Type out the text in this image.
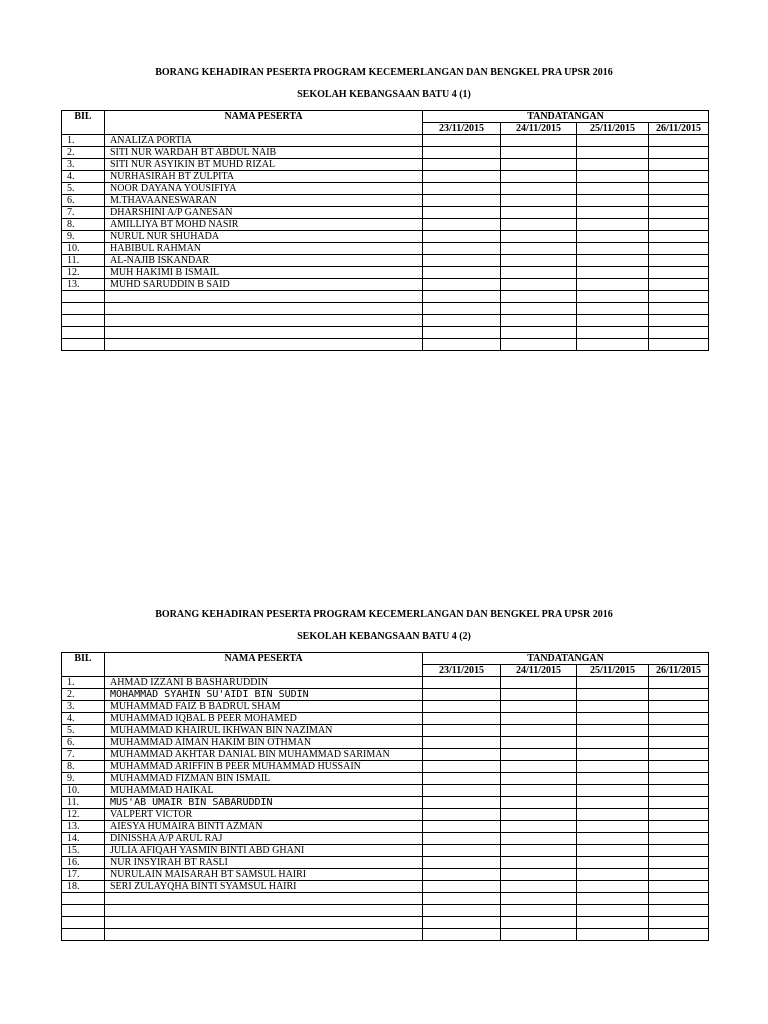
BORANG KEHADIRAN PESERTA PROGRAM KECEMERLANGAN DAN BENGKEL PRA UPSR 2016
SEKOLAH KEBANGSAAN BATU 4 (1)
BIL	NAMA PESERTA	TANDATANGAN			
		23/11/2015	24/11/2015	25/11/2015	26/11/2015
1.	ANALIZA PORTIA				
2.	SITI NUR WARDAH BT ABDUL NAIB				
3.	SITI NUR ASYIKIN BT MUHD RIZAL				
4.	NURHASIRAH BT ZULPITA				
5.	NOOR DAYANA YOUSIFIYA				
6.	M.THAVAANESWARAN				
7.	DHARSHINI A/P GANESAN				
8.	AMILLIYA BT MOHD NASIR				
9.	NURUL NUR SHUHADA				
10.	HABIBUL RAHMAN				
11.	AL-NAJIB ISKANDAR				
12.	MUH HAKIMI B ISMAIL				
13.	MUHD SARUDDIN B SAID				

BORANG KEHADIRAN PESERTA PROGRAM KECEMERLANGAN DAN BENGKEL PRA UPSR 2016
SEKOLAH KEBANGSAAN BATU 4 (2)
BIL	NAMA PESERTA	TANDATANGAN			
		23/11/2015	24/11/2015	25/11/2015	26/11/2015
1.	AHMAD IZZANI B BASHARUDDIN				
2.	MOHAMMAD SYAHIN SU'AIDI BIN SUDIN				
3.	MUHAMMAD FAIZ B BADRUL SHAM				
4.	MUHAMMAD IQBAL B PEER MOHAMED				
5.	MUHAMMAD KHAIRUL IKHWAN BIN NAZIMAN				
6.	MUHAMMAD AIMAN HAKIM BIN OTHMAN				
7.	MUHAMMAD AKHTAR DANIAL BIN MUHAMMAD SARIMAN				
8.	MUHAMMAD ARIFFIN B PEER MUHAMMAD HUSSAIN				
9.	MUHAMMAD FIZMAN BIN ISMAIL				
10.	MUHAMMAD HAIKAL				
11.	MUS'AB UMAIR BIN SABARUDDIN				
12.	VALPERT VICTOR				
13.	AIESYA HUMAIRA BINTI AZMAN				
14.	DINISSHA A/P ARUL RAJ				
15.	JULIA AFIQAH YASMIN BINTI ABD GHANI				
16.	NUR INSYIRAH BT RASLI				
17.	NURULAIN MAISARAH BT SAMSUL HAIRI				
18.	SERI ZULAYQHA BINTI SYAMSUL HAIRI				
